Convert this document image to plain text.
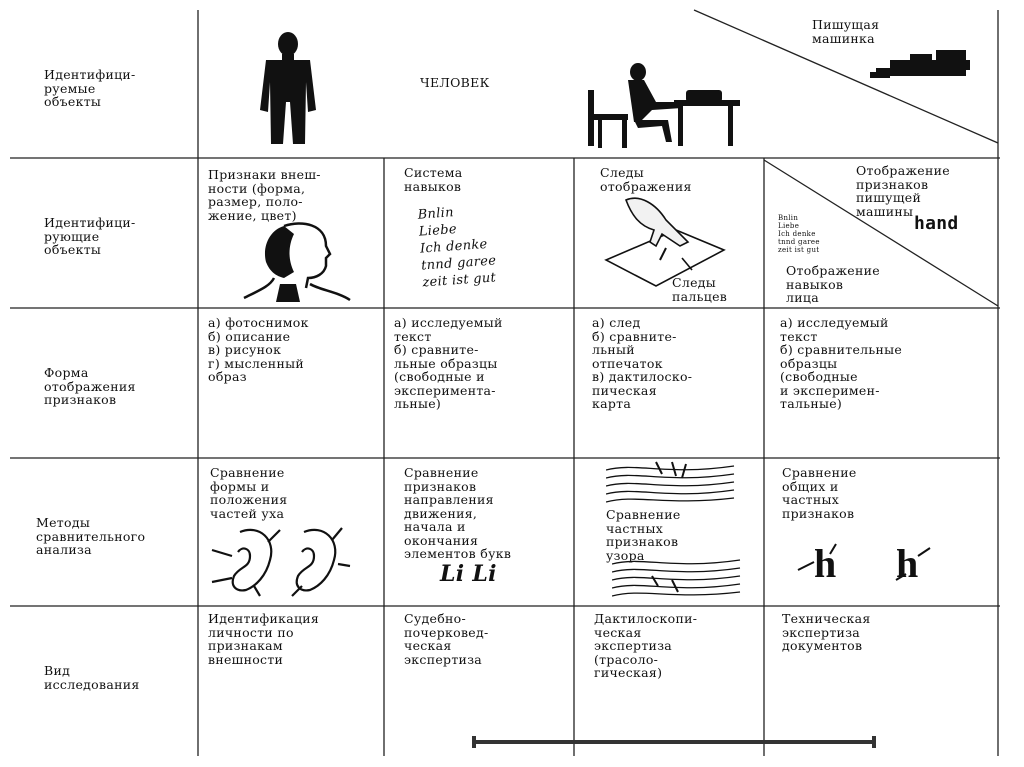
Идентифици-
руемые
объекты
Идентифици-
рующие
объекты
Форма
отображения
признаков
Методы
сравнительного
анализа
Вид
исследования
ЧЕЛОВЕК
Пишущая
машинка
Признаки внеш-
ности (форма,
размер, поло-
жение, цвет)
Система
навыков
Bnlin
Liebe
Ich denke
tnnd garee
zeit ist gut
Следы
отображения
Следы
пальцев
Отображение
признаков
пишущей
машины
Bnlin
Liebe
Ich denke
tnnd garee
zeit ist gut
hand
Отображение
навыков
лица
а) фотоснимок
б) описание
в) рисунок
г) мысленный
образ
а) исследуемый
текст
б) сравните-
льные образцы
(свободные и
эксперимента-
льные)
а) след
б) сравните-
льный
отпечаток
в) дактилоско-
пическая
карта
а) исследуемый
текст
б) сравнительные
образцы
(свободные
и эксперимен-
тальные)
Сравнение
формы и
положения
частей уха
Сравнение
признаков
направления
движения,
начала и
окончания
элементов букв
Li Li
Сравнение
частных
признаков
узора
Сравнение
общих и
частных
признаков
h h
Идентификация
личности по
признакам
внешности
Судебно-
почерковед-
ческая
экспертиза
Дактилоскопи-
ческая
экспертиза
(трасоло-
гическая)
Техническая
экспертиза
документов
